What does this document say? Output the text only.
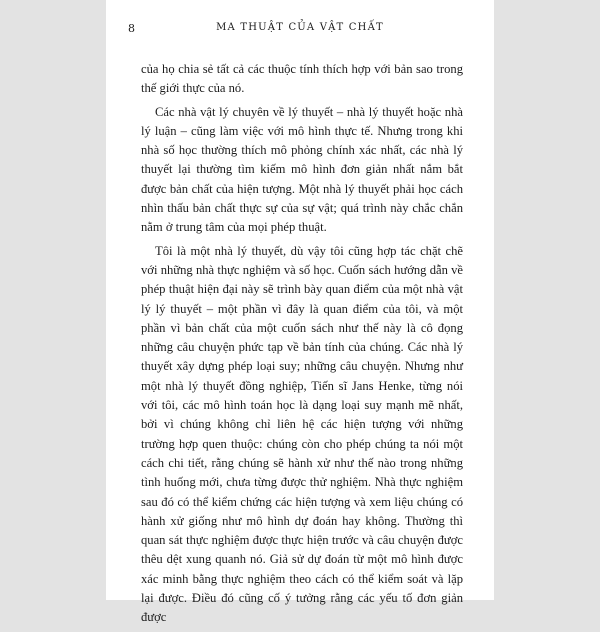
8	MA THUẬT CỦA VẬT CHẤT

của họ chia sẻ tất cả các thuộc tính thích hợp với bản sao trong thế giới thực của nó.

Các nhà vật lý chuyên về lý thuyết – nhà lý thuyết hoặc nhà lý luận – cũng làm việc với mô hình thực tế. Nhưng trong khi nhà số học thường thích mô phỏng chính xác nhất, các nhà lý thuyết lại thường tìm kiếm mô hình đơn giản nhất nắm bắt được bản chất của hiện tượng. Một nhà lý thuyết phải học cách nhìn thấu bản chất thực sự của sự vật; quá trình này chắc chắn nằm ở trung tâm của mọi phép thuật.

Tôi là một nhà lý thuyết, dù vậy tôi cũng hợp tác chặt chẽ với những nhà thực nghiệm và số học. Cuốn sách hướng dẫn về phép thuật hiện đại này sẽ trình bày quan điểm của một nhà vật lý lý thuyết – một phần vì đây là quan điểm của tôi, và một phần vì bản chất của một cuốn sách như thế này là cô đọng những câu chuyện phức tạp về bản tính của chúng. Các nhà lý thuyết xây dựng phép loại suy; những câu chuyện. Nhưng như một nhà lý thuyết đồng nghiệp, Tiến sĩ Jans Henke, từng nói với tôi, các mô hình toán học là dạng loại suy mạnh mẽ nhất, bởi vì chúng không chỉ liên hệ các hiện tượng với những trường hợp quen thuộc: chúng còn cho phép chúng ta nói một cách chi tiết, rằng chúng sẽ hành xử như thế nào trong những tình huống mới, chưa từng được thử nghiệm. Nhà thực nghiệm sau đó có thể kiểm chứng các hiện tượng và xem liệu chúng có hành xử giống như mô hình dự đoán hay không. Thường thì quan sát thực nghiệm được thực hiện trước và câu chuyện được thêu dệt xung quanh nó. Giả sử dự đoán từ một mô hình được xác minh bằng thực nghiệm theo cách có thể kiểm soát và lặp lại được. Điều đó cũng cố ý tưởng rằng các yếu tố đơn giản được
